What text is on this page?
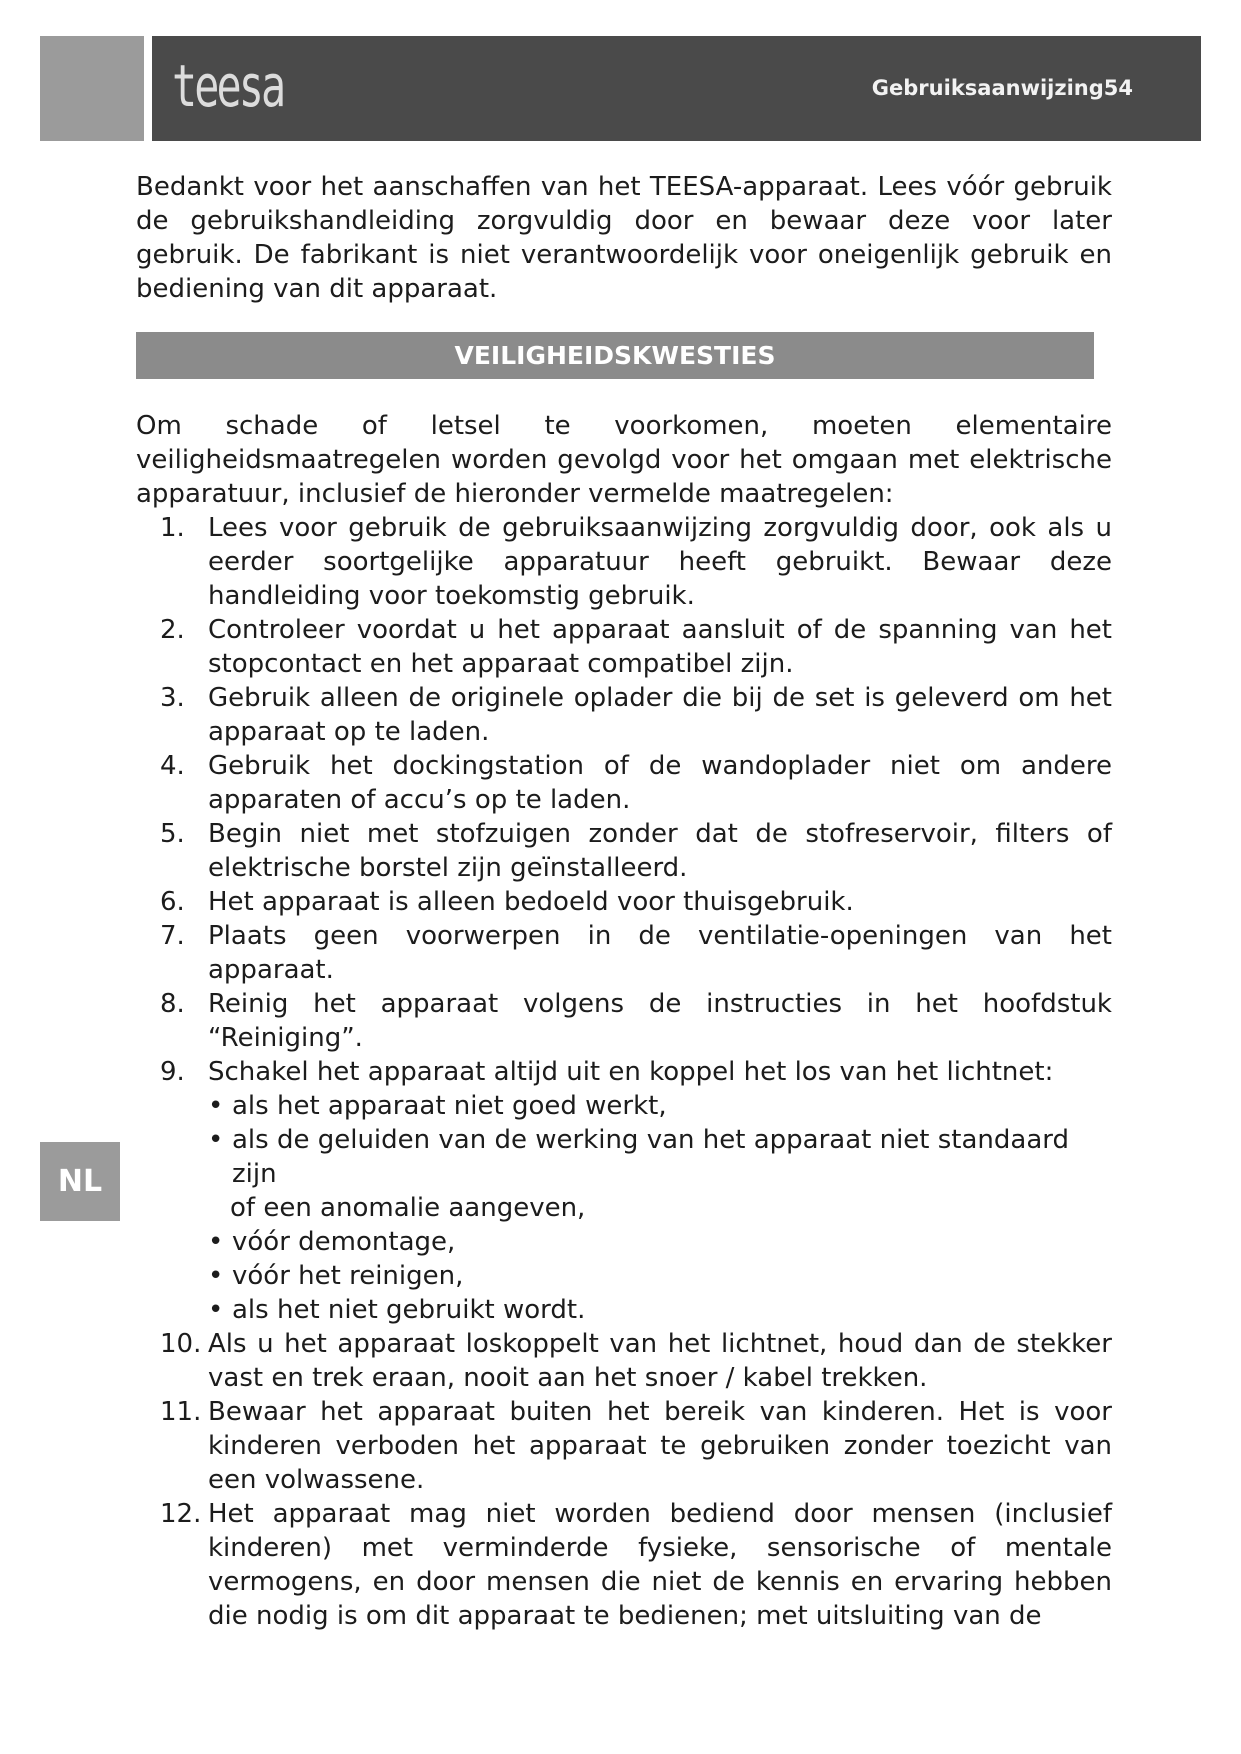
teesa	Gebruiksaanwijzing54

Bedankt voor het aanschaffen van het TEESA-apparaat. Lees vóór gebruik de gebruikshandleiding zorgvuldig door en bewaar deze voor later gebruik. De fabrikant is niet verantwoordelijk voor oneigenlijk gebruik en bediening van dit apparaat.

VEILIGHEIDSKWESTIES

Om schade of letsel te voorkomen, moeten elementaire veiligheidsmaatregelen worden gevolgd voor het omgaan met elektrische apparatuur, inclusief de hieronder vermelde maatregelen:

1. Lees voor gebruik de gebruiksaanwijzing zorgvuldig door, ook als u eerder soortgelijke apparatuur heeft gebruikt. Bewaar deze handleiding voor toekomstig gebruik.
2. Controleer voordat u het apparaat aansluit of de spanning van het stopcontact en het apparaat compatibel zijn.
3. Gebruik alleen de originele oplader die bij de set is geleverd om het apparaat op te laden.
4. Gebruik het dockingstation of de wandoplader niet om andere apparaten of accu’s op te laden.
5. Begin niet met stofzuigen zonder dat de stofreservoir, filters of elektrische borstel zijn geïnstalleerd.
6. Het apparaat is alleen bedoeld voor thuisgebruik.
7. Plaats geen voorwerpen in de ventilatie-openingen van het apparaat.
8. Reinig het apparaat volgens de instructies in het hoofdstuk “Reiniging”.
9. Schakel het apparaat altijd uit en koppel het los van het lichtnet:
• als het apparaat niet goed werkt,
• als de geluiden van de werking van het apparaat niet standaard zijn
of een anomalie aangeven,
• vóór demontage,
• vóór het reinigen,
• als het niet gebruikt wordt.
10. Als u het apparaat loskoppelt van het lichtnet, houd dan de stekker vast en trek eraan, nooit aan het snoer / kabel trekken.
11. Bewaar het apparaat buiten het bereik van kinderen. Het is voor kinderen verboden het apparaat te gebruiken zonder toezicht van een volwassene.
12. Het apparaat mag niet worden bediend door mensen (inclusief kinderen) met verminderde fysieke, sensorische of mentale vermogens, en door mensen die niet de kennis en ervaring hebben die nodig is om dit apparaat te bedienen; met uitsluiting van de
NL
